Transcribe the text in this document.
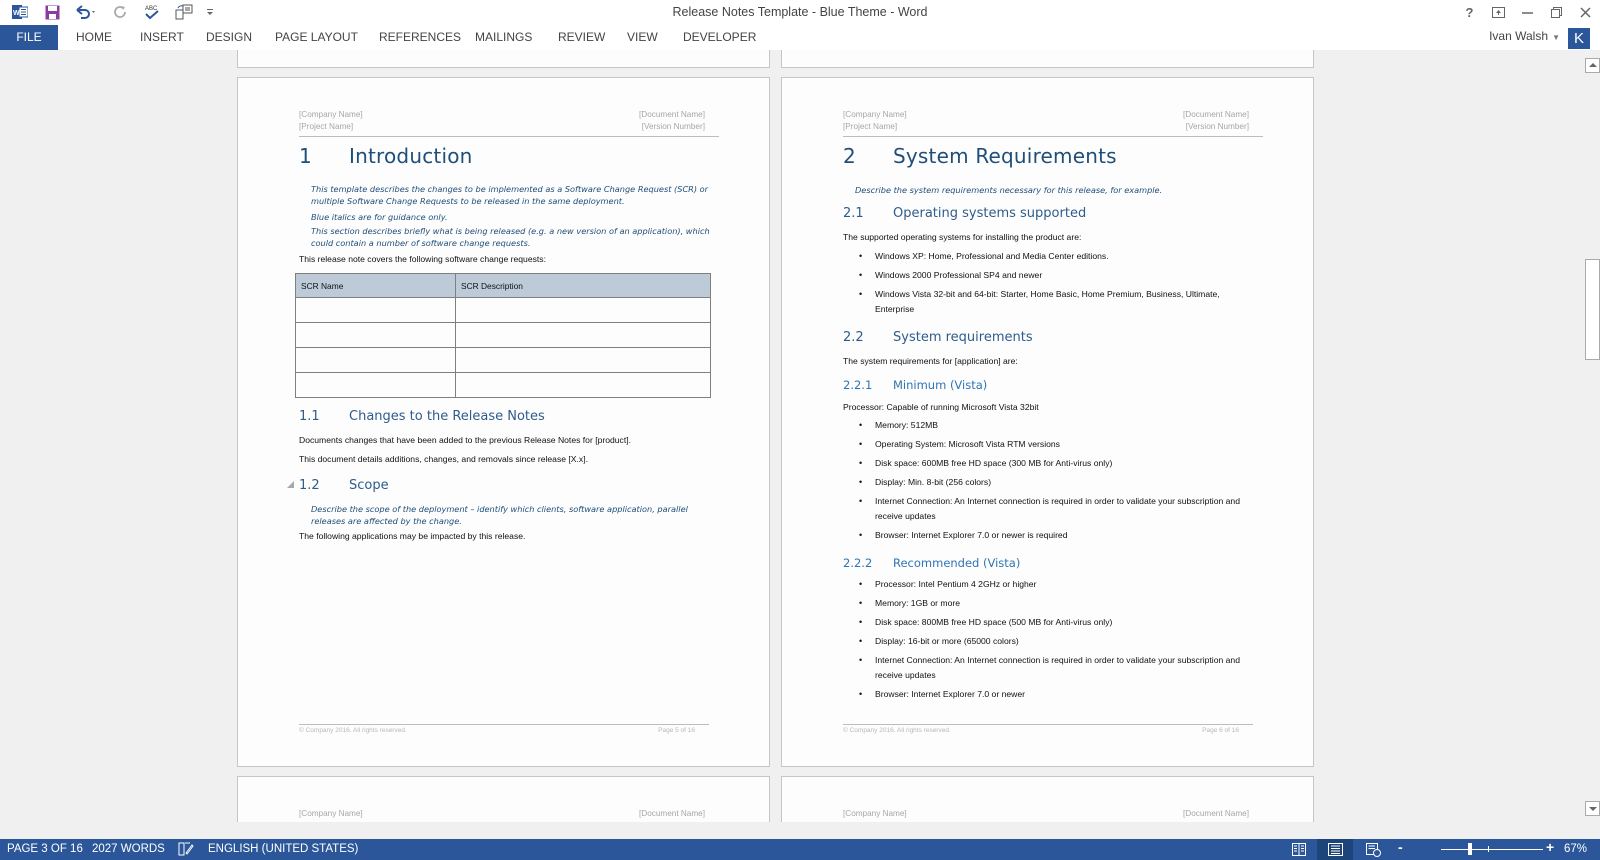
W
ABC	Release Notes Template - Blue Theme - Word	?
FILE	HOME INSERT DESIGN PAGE LAYOUT REFERENCES MAILINGS REVIEW VIEW DEVELOPER	Ivan Walsh ▼ K
[Company Name]
[Project Name]
[Document Name]
[Version Number]
1 Introduction
This template describes the changes to be implemented as a Software Change Request (SCR) or multiple Software Change Requests to be released in the same deployment.
Blue italics are for guidance only.
This section describes briefly what is being released (e.g. a new version of an application), which could contain a number of software change requests.
This release note covers the following software change requests:
SCR Name	SCR Description

1.1 Changes to the Release Notes
Documents changes that have been added to the previous Release Notes for [product].
This document details additions, changes, and removals since release [X.x].
1.2 Scope
Describe the scope of the deployment – identify which clients, software application, parallel releases are affected by the change.
The following applications may be impacted by this release.
© Company 2016. All rights reserved.	Page 5 of 16
[Company Name]
[Project Name]
[Document Name]
[Version Number]
2 System Requirements
Describe the system requirements necessary for this release, for example.
2.1 Operating systems supported
The supported operating systems for installing the product are:
• Windows XP: Home, Professional and Media Center editions.
• Windows 2000 Professional SP4 and newer
• Windows Vista 32-bit and 64-bit: Starter, Home Basic, Home Premium, Business, Ultimate, Enterprise
2.2 System requirements
The system requirements for [application] are:
2.2.1 Minimum (Vista)
Processor: Capable of running Microsoft Vista 32bit
• Memory: 512MB
• Operating System: Microsoft Vista RTM versions
• Disk space: 600MB free HD space (300 MB for Anti-virus only)
• Display: Min. 8-bit (256 colors)
• Internet Connection: An Internet connection is required in order to validate your subscription and receive updates
• Browser: Internet Explorer 7.0 or newer is required
2.2.2 Recommended (Vista)
• Processor: Intel Pentium 4 2GHz or higher
• Memory: 1GB or more
• Disk space: 800MB free HD space (500 MB for Anti-virus only)
• Display: 16-bit or more (65000 colors)
• Internet Connection: An Internet connection is required in order to validate your subscription and receive updates
• Browser: Internet Explorer 7.0 or newer
© Company 2016. All rights reserved.	Page 6 of 16
[Company Name]	[Document Name]	[Company Name]	[Document Name]
PAGE 3 OF 16 2027 WORDS	ENGLISH (UNITED STATES)	-	+ 67%
